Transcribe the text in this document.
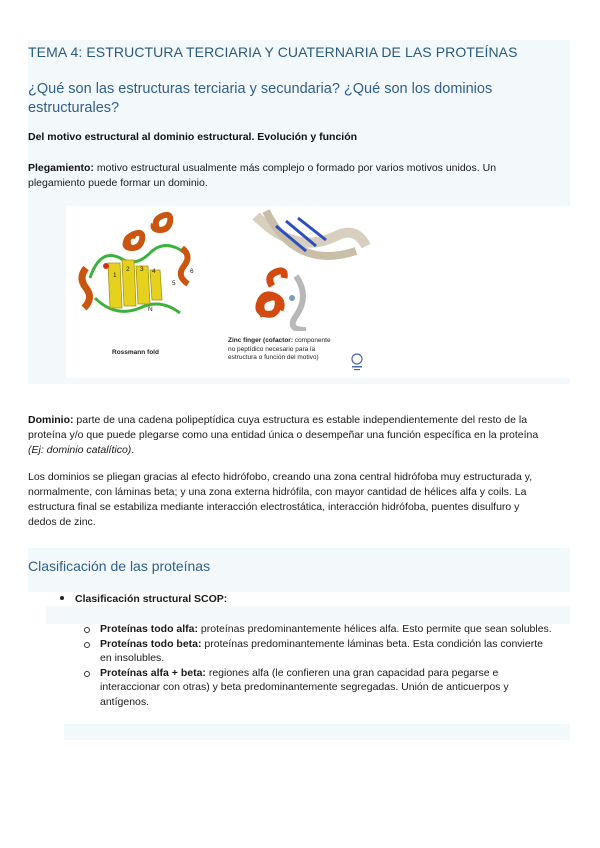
TEMA 4: ESTRUCTURA TERCIARIA Y CUATERNARIA DE LAS PROTEÍNAS
¿Qué son las estructuras terciaria y secundaria? ¿Qué son los dominios estructurales?
Del motivo estructural al dominio estructural. Evolución y función
Plegamiento: motivo estructural usualmente más complejo o formado por varios motivos unidos. Un plegamiento puede formar un dominio.
1
2 3 4
5
6
N
Rossmann fold
Zinc finger (cofactor: componente no peptídico necesario para la estructura o función del motivo)
Dominio: parte de una cadena polipeptídica cuya estructura es estable independientemente del resto de la proteína y/o que puede plegarse como una entidad única o desempeñar una función específica en la proteína (Ej: dominio catalítico).
Los dominios se pliegan gracias al efecto hidrófobo, creando una zona central hidrófoba muy estructurada y, normalmente, con láminas beta; y una zona externa hidrófila, con mayor cantidad de hélices alfa y coils. La estructura final se estabiliza mediante interacción electrostática, interacción hidrófoba, puentes disulfuro y dedos de zinc.
Clasificación de las proteínas
Clasificación structural SCOP:
Proteínas todo alfa: proteínas predominantemente hélices alfa. Esto permite que sean solubles.
Proteínas todo beta: proteínas predominantemente láminas beta. Esta condición las convierte en insolubles.
Proteínas alfa + beta: regiones alfa (le confieren una gran capacidad para pegarse e interaccionar con otras) y beta predominantemente segregadas. Unión de anticuerpos y antígenos.
